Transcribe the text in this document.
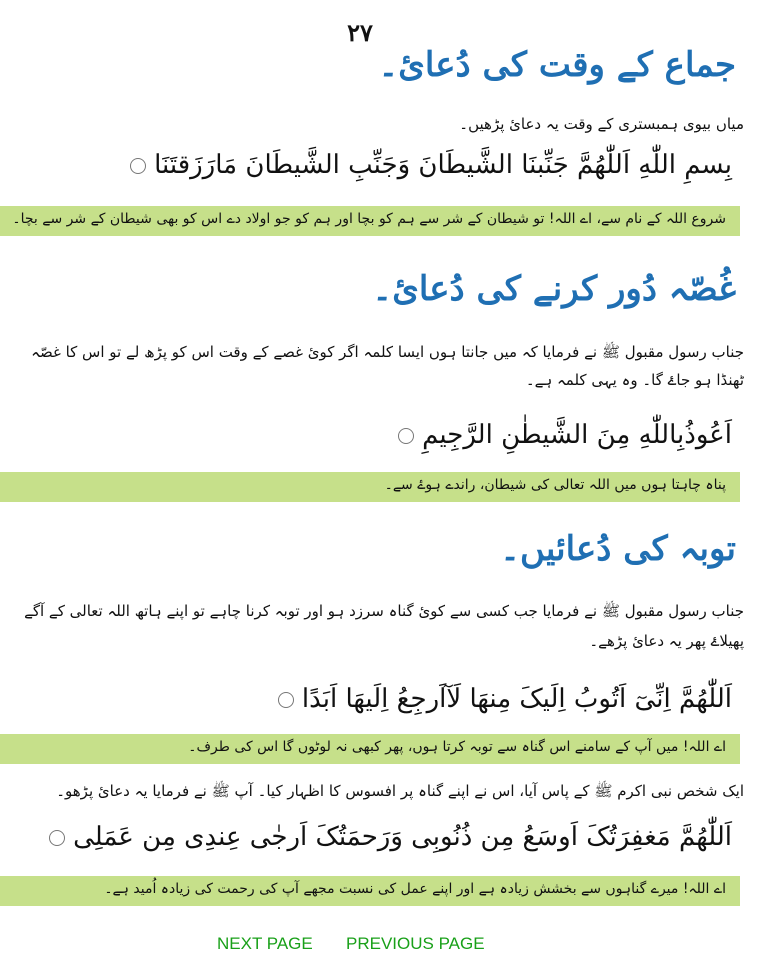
٢٧
جماع کے وقت کی دُعائ۔
میاں بیوی ہمبستری کے وقت یہ دعائ پڑھیں۔
بِسمِ اللّٰهِ اَللّٰهُمَّ جَنِّبنَا الشَّيطَانَ وَجَنِّبِ الشَّيطَانَ مَارَزَقتَنَا
شروع اللہ کے نام سے، اے اللہ! تو شیطان کے شر سے ہم کو بچا اور ہم کو جو اولاد دے اس کو بھی شیطان کے شر سے بچا۔
غُصّہ دُور کرنے کی دُعائ۔
جناب رسول مقبول ﷺ نے فرمایا کہ میں جانتا ہوں ایسا کلمہ اگر کوئ غصے کے وقت اس کو پڑھ لے تو اس کا غصّہ ٹھنڈا ہو جاۓ گا۔ وہ یہی کلمہ ہے۔
اَعُوذُبِاللّٰهِ مِنَ الشَّيطٰنِ الرَّجِيمِ
پناہ چاہتا ہوں میں اللہ تعالی کی شیطان، راندے ہوۓ سے۔
توبہ کی دُعائیں۔
جناب رسول مقبول ﷺ نے فرمایا جب کسی سے کوئ گناہ سرزد ہو اور توبہ کرنا چاہے تو اپنے ہاتھ اللہ تعالی کے آگے پھیلاۓ پھر یہ دعائ پڑھے۔
اَللّٰهُمَّ اِنِّیٓ اَتُوبُ اِلَيکَ مِنهَا لَآاَرجِعُ اِلَيهَا اَبَدًا
اے اللہ! میں آپ کے سامنے اس گناہ سے توبہ کرتا ہوں، پھر کبھی نہ لوٹوں گا اس کی طرف۔
ایک شخص نبی اکرم ﷺ کے پاس آیا، اس نے اپنے گناہ پر افسوس کا اظہار کیا۔ آپ ﷺ نے فرمایا یہ دعائ پڑھو۔
اَللّٰهُمَّ مَغفِرَتُکَ اَوسَعُ مِن ذُنُوبِی وَرَحمَتُکَ اَرجٰی عِندِی مِن عَمَلِی
اے اللہ! میرے گناہوں سے بخشش زیادہ ہے اور اپنے عمل کی نسبت مجھے آپ کی رحمت کی زیادہ اُمید ہے۔
NEXT PAGE PREVIOUS PAGE
